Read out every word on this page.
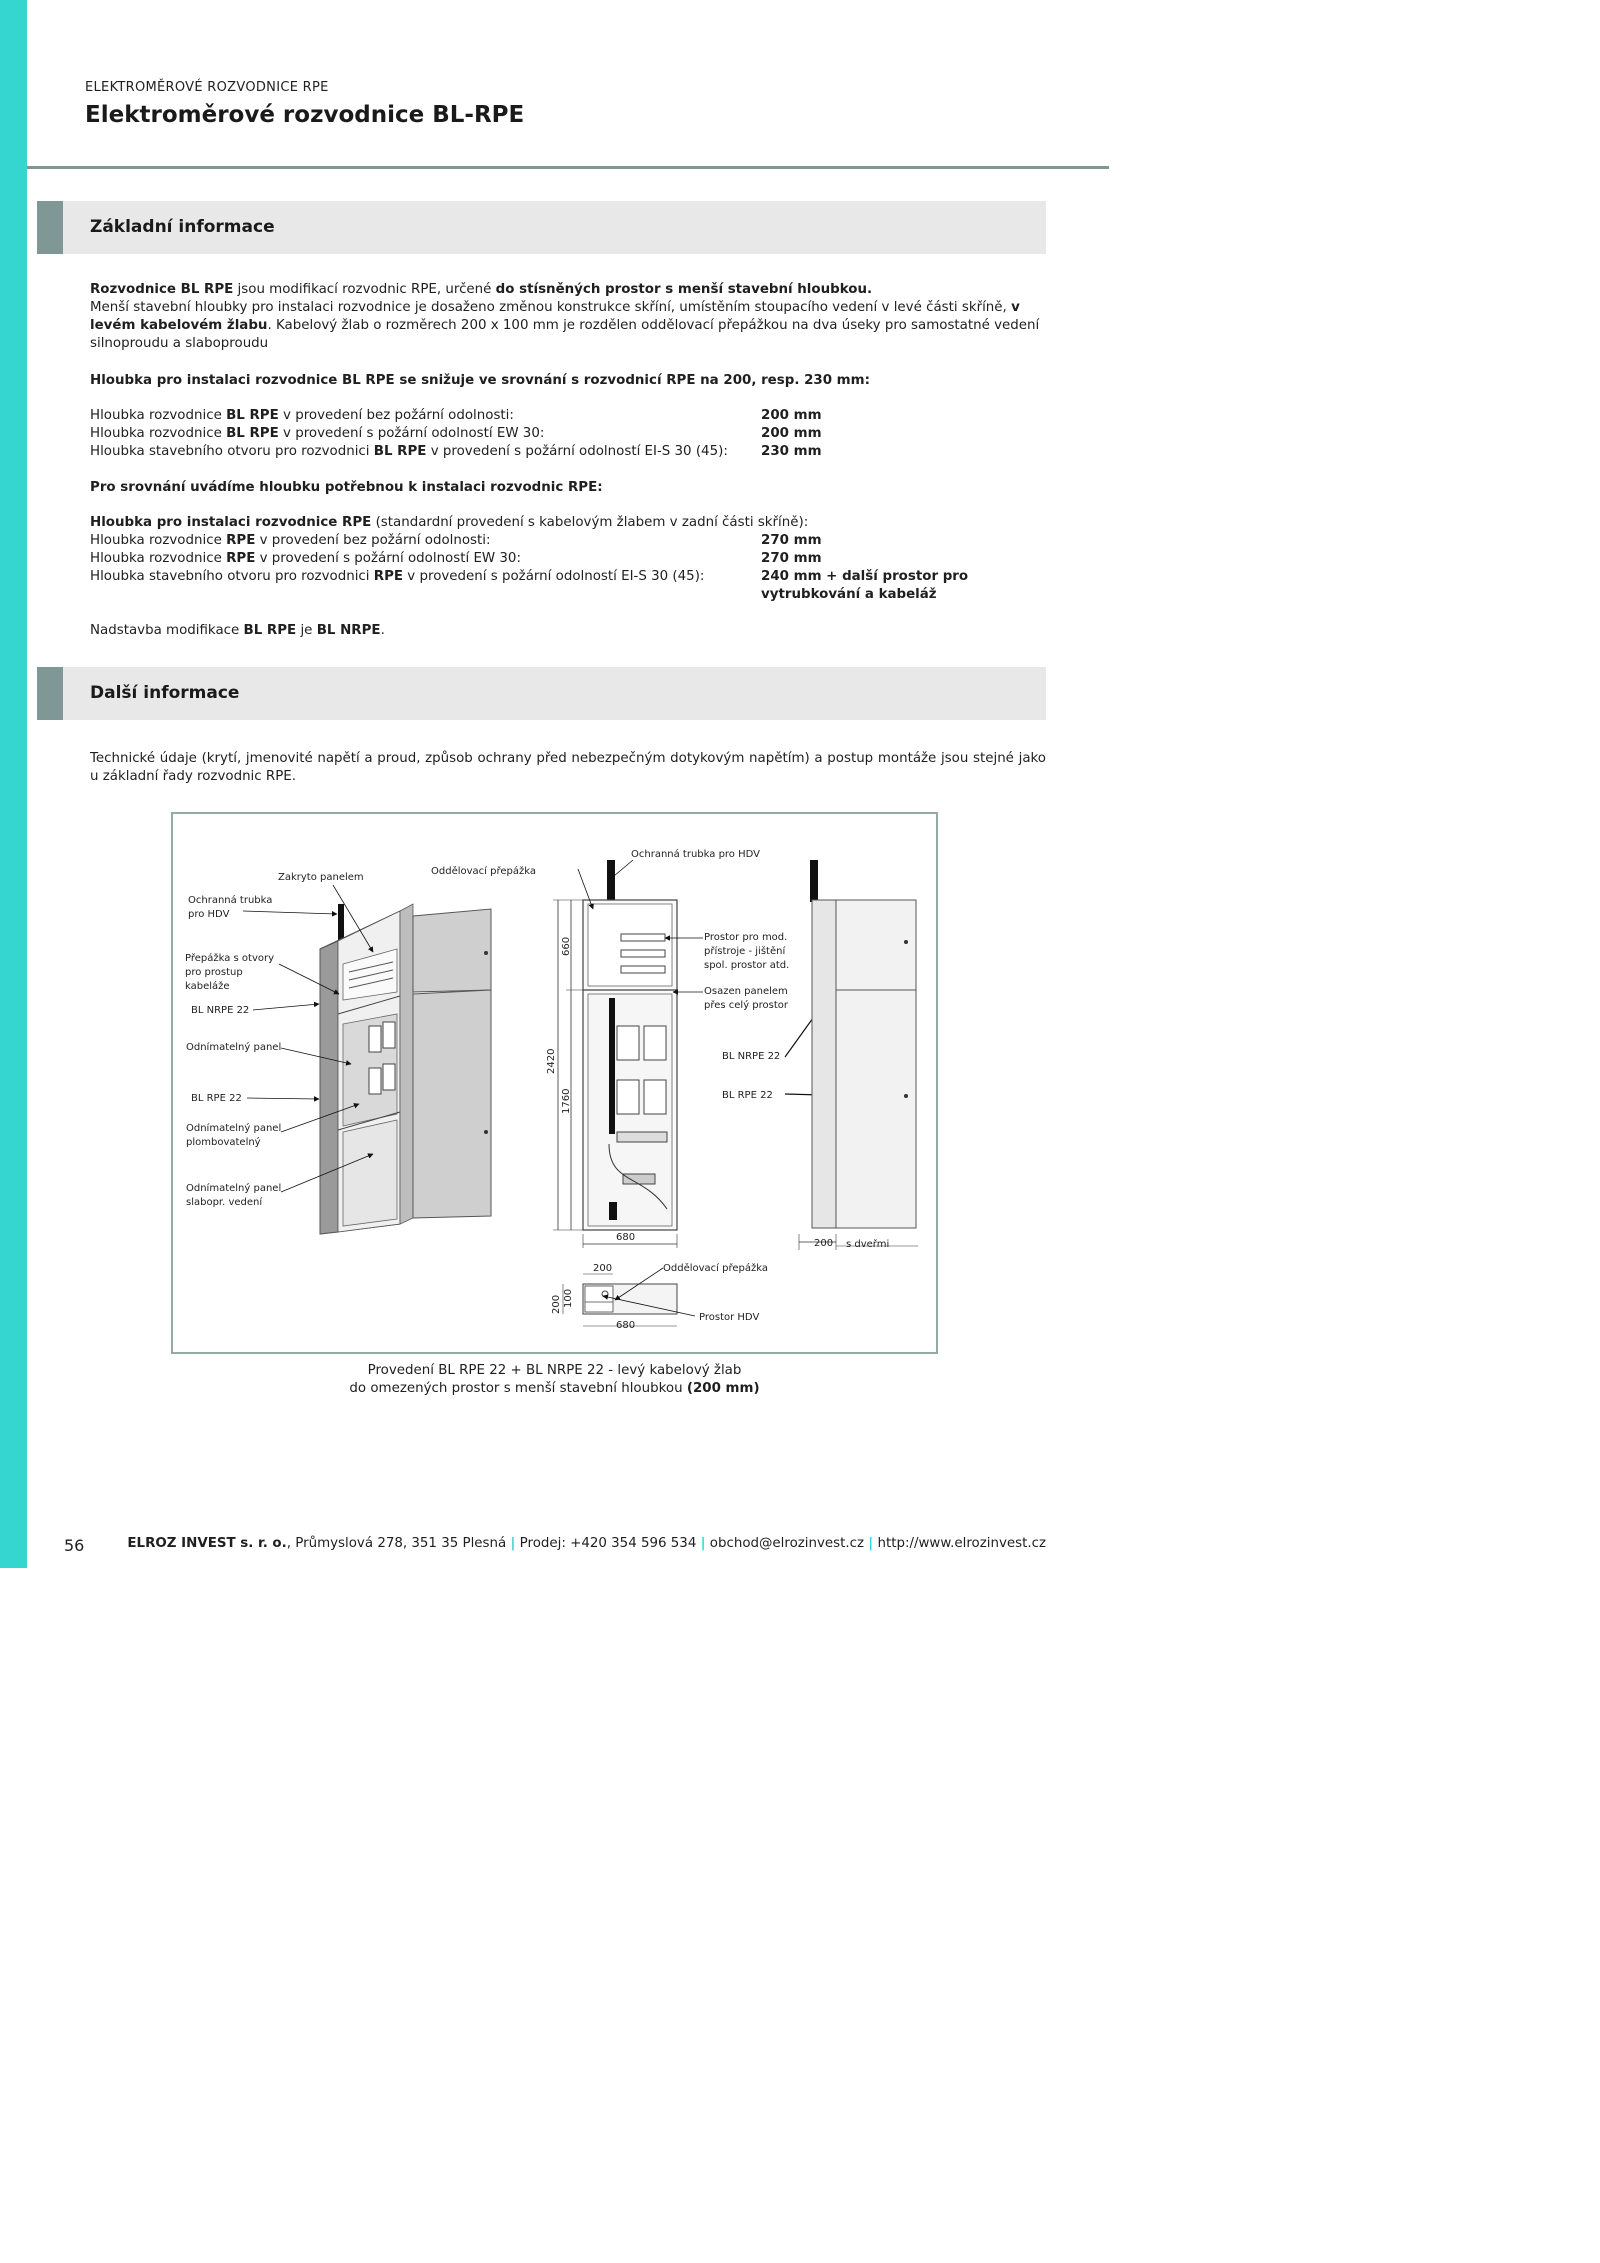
ELEKTROMĚROVÉ ROZVODNICE RPE
Elektroměrové rozvodnice BL-RPE
Základní informace
Rozvodnice BL RPE jsou modifikací rozvodnic RPE, určené do stísněných prostor s menší stavební hloubkou.
Menší stavební hloubky pro instalaci rozvodnice je dosaženo změnou konstrukce skříní, umístěním stoupacího vedení v levé části skříně, v levém kabelovém žlabu. Kabelový žlab o rozměrech 200 x 100 mm je rozdělen oddělovací přepážkou na dva úseky pro samostatné vedení silnoproudu a slaboproudu
Hloubka pro instalaci rozvodnice BL RPE se snižuje ve srovnání s rozvodnicí RPE na 200, resp. 230 mm:
Hloubka rozvodnice BL RPE v provedení bez požární odolnosti:	200 mm
Hloubka rozvodnice BL RPE v provedení s požární odolností EW 30:	200 mm
Hloubka stavebního otvoru pro rozvodnici BL RPE v provedení s požární odolností EI-S 30 (45): 230 mm
Pro srovnání uvádíme hloubku potřebnou k instalaci rozvodnic RPE:
Hloubka pro instalaci rozvodnice RPE (standardní provedení s kabelovým žlabem v zadní části skříně):
Hloubka rozvodnice RPE v provedení bez požární odolnosti:	270 mm
Hloubka rozvodnice RPE v provedení s požární odolností EW 30:	270 mm
Hloubka stavebního otvoru pro rozvodnici RPE v provedení s požární odolností EI-S 30 (45):	240 mm + další prostor pro vytrubkování a kabeláž
Nadstavba modifikace BL RPE je BL NRPE.
Další informace
Technické údaje (krytí, jmenovité napětí a proud, způsob ochrany před nebezpečným dotykovým napětím) a postup montáže jsou stejné jako u základní řady rozvodnic RPE.
Zakryto panelem
Ochranná trubka
pro HDV
Přepážka s otvory
pro prostup
kabeláže
BL NRPE 22
Odnímatelný panel
BL RPE 22
Odnímatelný panel
plombovatelný
Odnímatelný panel
slabopr. vedení
Oddělovací přepážka
2420
660
1760
680
Ochranná trubka pro HDV
Prostor pro mod.
přístroje - jištění
spol. prostor atd.
Osazen panelem
přes celý prostor
BL NRPE 22
BL RPE 22
200 s dveřmi
200	Oddělovací přepážka
200 100
Prostor HDV
680
Provedení BL RPE 22 + BL NRPE 22 - levý kabelový žlab
do omezených prostor s menší stavební hloubkou (200 mm)
56	ELROZ INVEST s. r. o., Průmyslová 278, 351 35 Plesná | Prodej: +420 354 596 534 | obchod@elrozinvest.cz | http://www.elrozinvest.cz
